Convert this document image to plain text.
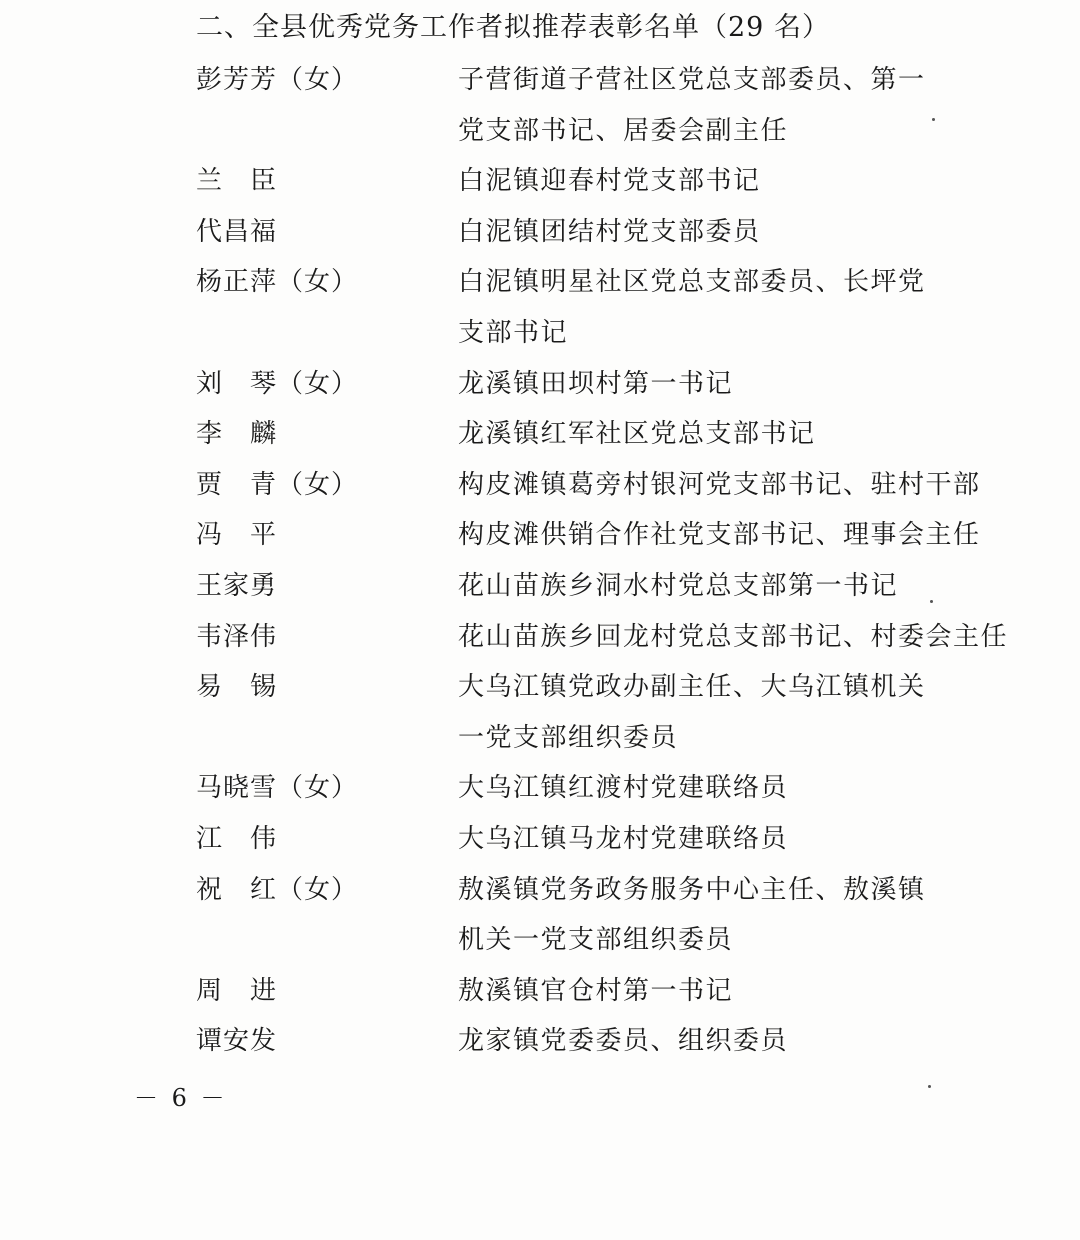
二、全县优秀党务工作者拟推荐表彰名单（29 名）
彭芳芳（女）	子营街道子营社区党总支部委员、第一
党支部书记、居委会副主任
兰　臣	白泥镇迎春村党支部书记
代昌福	白泥镇团结村党支部委员
杨正萍（女）	白泥镇明星社区党总支部委员、长坪党
支部书记
刘　琴（女）	龙溪镇田坝村第一书记
李　麟	龙溪镇红军社区党总支部书记
贾　青（女）	构皮滩镇葛旁村银河党支部书记、驻村干部
冯　平	构皮滩供销合作社党支部书记、理事会主任
王家勇	花山苗族乡洞水村党总支部第一书记
韦泽伟	花山苗族乡回龙村党总支部书记、村委会主任
易　锡	大乌江镇党政办副主任、大乌江镇机关
一党支部组织委员
马晓雪（女）	大乌江镇红渡村党建联络员
江　伟	大乌江镇马龙村党建联络员
祝　红（女）	敖溪镇党务政务服务中心主任、敖溪镇
机关一党支部组织委员
周　进	敖溪镇官仓村第一书记
谭安发	龙家镇党委委员、组织委员
－ 6 －
